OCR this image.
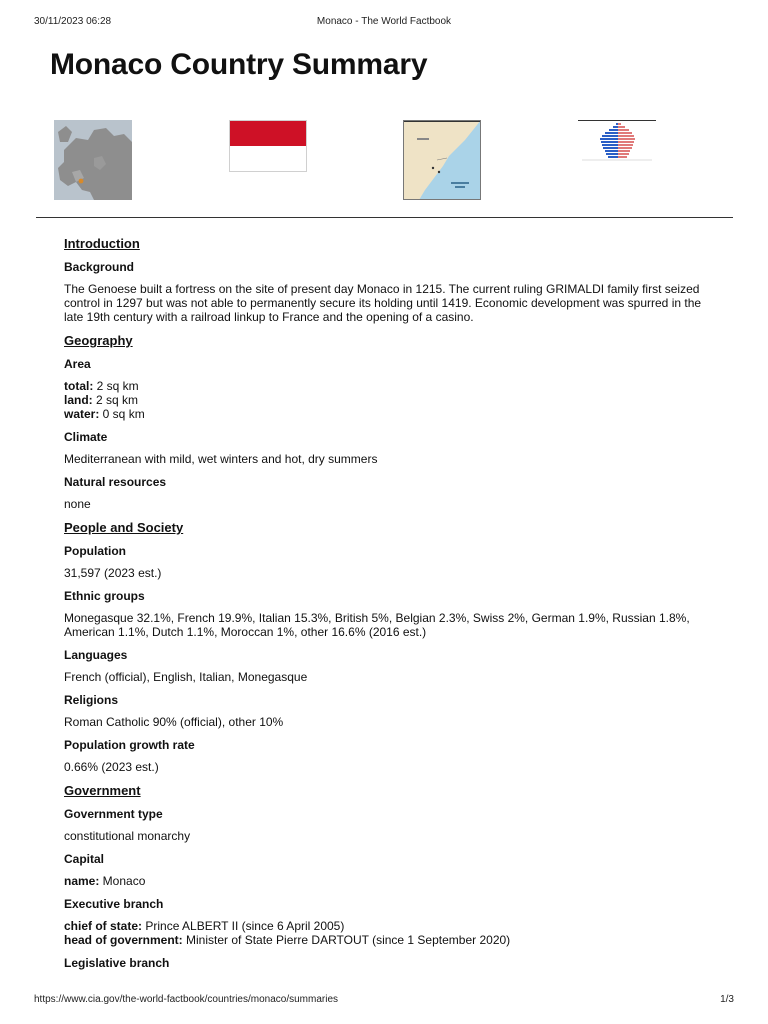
30/11/2023 06:28	Monaco - The World Factbook
Monaco Country Summary
Introduction
Background

The Genoese built a fortress on the site of present day Monaco in 1215. The current ruling GRIMALDI family first seized control in 1297 but was not able to permanently secure its holding until 1419. Economic development was spurred in the late 19th century with a railroad linkup to France and the opening of a casino.

Geography
Area
total: 2 sq km
land: 2 sq km
water: 0 sq km
Climate

Mediterranean with mild, wet winters and hot, dry summers

Natural resources

none

People and Society
Population

31,597 (2023 est.)

Ethnic groups

Monegasque 32.1%, French 19.9%, Italian 15.3%, British 5%, Belgian 2.3%, Swiss 2%, German 1.9%, Russian 1.8%, American 1.1%, Dutch 1.1%, Moroccan 1%, other 16.6% (2016 est.)

Languages

French (official), English, Italian, Monegasque

Religions

Roman Catholic 90% (official), other 10%

Population growth rate

0.66% (2023 est.)

Government
Government type

constitutional monarchy

Capital
name: Monaco
Executive branch
chief of state: Prince ALBERT II (since 6 April 2005)
head of government: Minister of State Pierre DARTOUT (since 1 September 2020)
Legislative branch
https://www.cia.gov/the-world-factbook/countries/monaco/summaries	1/3
